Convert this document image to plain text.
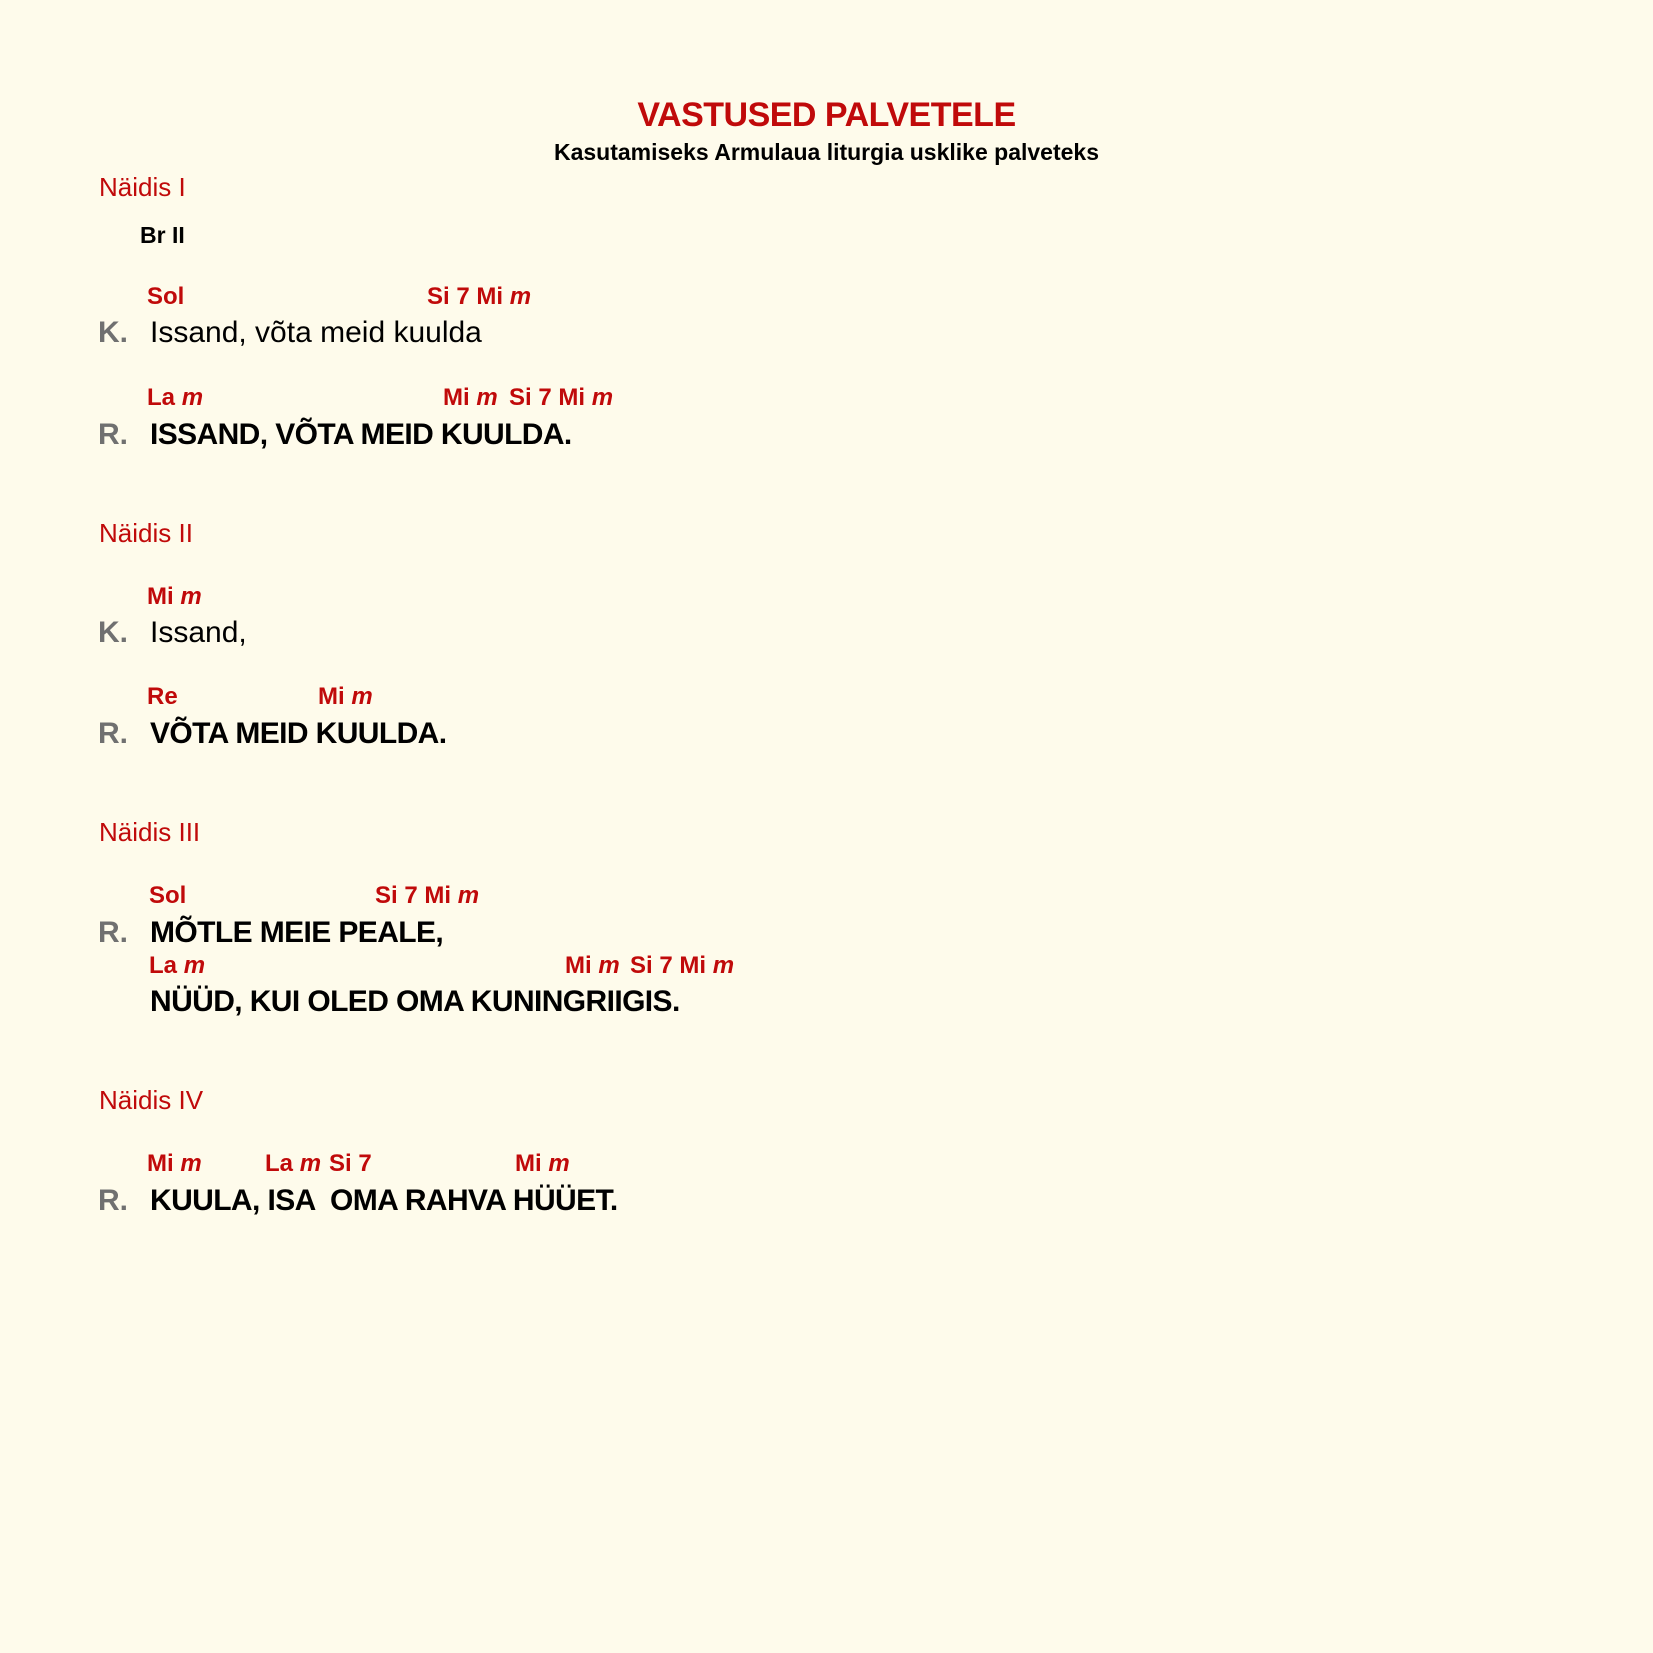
VASTUSED PALVETELE
Kasutamiseks Armulaua liturgia usklike palveteks
Näidis I
Br II
Sol	Si 7 Mi m
K. Issand, võta meid kuulda
La m	Mi m Si 7 Mi m
R. ISSAND, VÕTA MEID KUULDA.
Näidis II
Mi m
K. Issand,
Re	Mi m
R. VÕTA MEID KUULDA.
Näidis III
Sol	Si 7 Mi m
R. MÕTLE MEIE PEALE,
La m	Mi m Si 7 Mi m
NÜÜD, KUI OLED OMA KUNINGRIIGIS.
Näidis IV
Mi m	La m Si 7	Mi m
R. KUULA, ISA  OMA RAHVA HÜÜET.
